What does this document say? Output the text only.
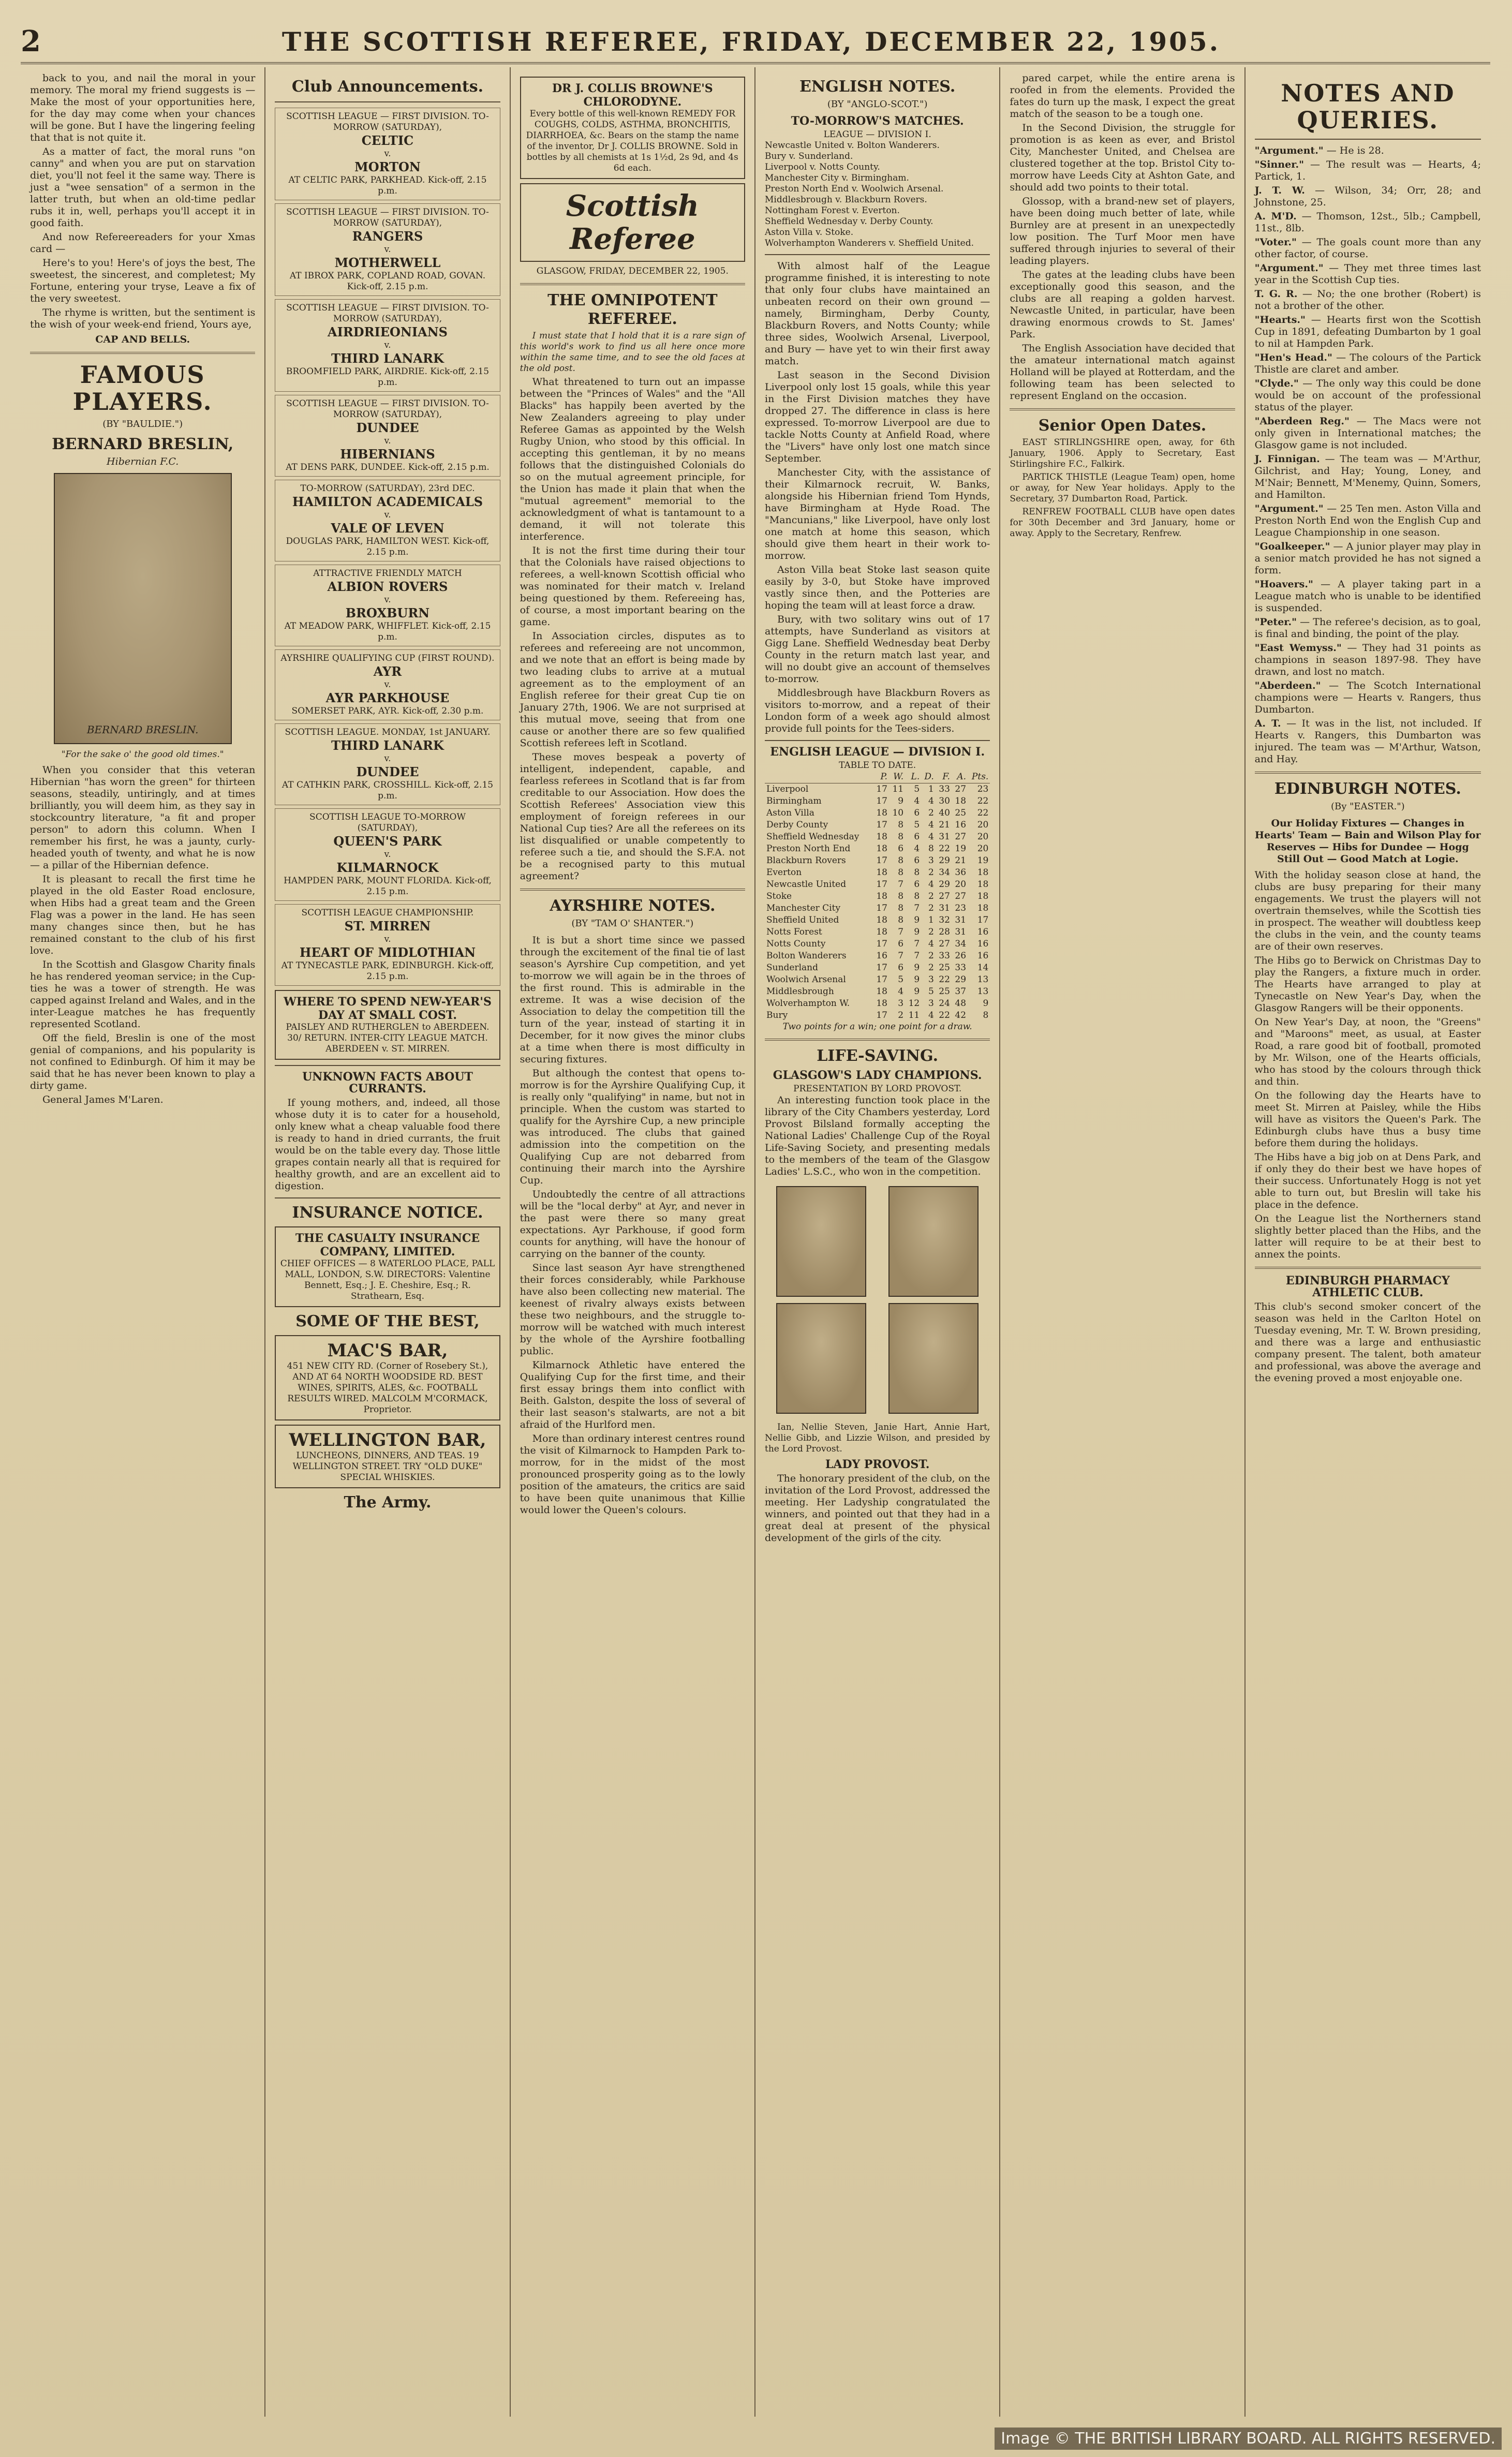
2	THE SCOTTISH REFEREE, FRIDAY, DECEMBER 22, 1905.

back to you, and nail the moral in your memory. The moral my friend suggests is — Make the most of your opportunities here, for the day may come when your chances will be gone. But I have the lingering feeling that that is not quite it.

As a matter of fact, the moral runs "on canny" and when you are put on starvation diet, you'll not feel it the same way. There is just a "wee sensation" of a sermon in the latter truth, but when an old-time pedlar rubs it in, well, perhaps you'll accept it in good faith.

And now Refereereaders for your Xmas card —

Here's to you! Here's of joys the best, The sweetest, the sincerest, and completest; My Fortune, entering your tryse, Leave a fix of the very sweetest.

The rhyme is written, but the sentiment is the wish of your week-end friend, Yours aye,

CAP AND BELLS.
FAMOUS PLAYERS.
(BY "BAULDIE.")
BERNARD BRESLIN,
Hibernian F.C.
BERNARD BRESLIN.
"For the sake o' the good old times."

When you consider that this veteran Hibernian "has worn the green" for thirteen seasons, steadily, untiringly, and at times brilliantly, you will deem him, as they say in stockcountry literature, "a fit and proper person" to adorn this column. When I remember his first, he was a jaunty, curly-headed youth of twenty, and what he is now — a pillar of the Hibernian defence.

It is pleasant to recall the first time he played in the old Easter Road enclosure, when Hibs had a great team and the Green Flag was a power in the land. He has seen many changes since then, but he has remained constant to the club of his first love.

In the Scottish and Glasgow Charity finals he has rendered yeoman service; in the Cup-ties he was a tower of strength. He was capped against Ireland and Wales, and in the inter-League matches he has frequently represented Scotland.

Off the field, Breslin is one of the most genial of companions, and his popularity is not confined to Edinburgh. Of him it may be said that he has never been known to play a dirty game.

General James M'Laren.

Club Announcements.
SCOTTISH LEAGUE — FIRST DIVISION. TO-MORROW (SATURDAY),
CELTIC
v.
MORTON
AT CELTIC PARK, PARKHEAD. Kick-off, 2.15 p.m.
SCOTTISH LEAGUE — FIRST DIVISION. TO-MORROW (SATURDAY),
RANGERS
v.
MOTHERWELL
AT IBROX PARK, COPLAND ROAD, GOVAN. Kick-off, 2.15 p.m.
SCOTTISH LEAGUE — FIRST DIVISION. TO-MORROW (SATURDAY),
AIRDRIEONIANS
v.
THIRD LANARK
BROOMFIELD PARK, AIRDRIE. Kick-off, 2.15 p.m.
SCOTTISH LEAGUE — FIRST DIVISION. TO-MORROW (SATURDAY),
DUNDEE
v.
HIBERNIANS
AT DENS PARK, DUNDEE. Kick-off, 2.15 p.m.
TO-MORROW (SATURDAY), 23rd DEC.
HAMILTON ACADEMICALS
v.
VALE OF LEVEN
DOUGLAS PARK, HAMILTON WEST. Kick-off, 2.15 p.m.
ATTRACTIVE FRIENDLY MATCH
ALBION ROVERS
v.
BROXBURN
AT MEADOW PARK, WHIFFLET. Kick-off, 2.15 p.m.
AYRSHIRE QUALIFYING CUP (FIRST ROUND).
AYR
v.
AYR PARKHOUSE
SOMERSET PARK, AYR. Kick-off, 2.30 p.m.
SCOTTISH LEAGUE. MONDAY, 1st JANUARY.
THIRD LANARK
v.
DUNDEE
AT CATHKIN PARK, CROSSHILL. Kick-off, 2.15 p.m.
SCOTTISH LEAGUE TO-MORROW (SATURDAY),
QUEEN'S PARK
v.
KILMARNOCK
HAMPDEN PARK, MOUNT FLORIDA. Kick-off, 2.15 p.m.
SCOTTISH LEAGUE CHAMPIONSHIP.
ST. MIRREN
v.
HEART OF MIDLOTHIAN
AT TYNECASTLE PARK, EDINBURGH. Kick-off, 2.15 p.m.
WHERE TO SPEND NEW-YEAR'S DAY AT SMALL COST.
PAISLEY AND RUTHERGLEN to ABERDEEN. 30/ RETURN. INTER-CITY LEAGUE MATCH. ABERDEEN v. ST. MIRREN.
UNKNOWN FACTS ABOUT CURRANTS.

If young mothers, and, indeed, all those whose duty it is to cater for a household, only knew what a cheap valuable food there is ready to hand in dried currants, the fruit would be on the table every day. Those little grapes contain nearly all that is required for healthy growth, and are an excellent aid to digestion.

INSURANCE NOTICE.
THE CASUALTY INSURANCE COMPANY, LIMITED.
CHIEF OFFICES — 8 WATERLOO PLACE, PALL MALL, LONDON, S.W. DIRECTORS: Valentine Bennett, Esq.; J. E. Cheshire, Esq.; R. Strathearn, Esq.
SOME OF THE BEST,
MAC'S BAR,
451 NEW CITY RD. (Corner of Rosebery St.), AND AT 64 NORTH WOODSIDE RD. BEST WINES, SPIRITS, ALES, &c. FOOTBALL RESULTS WIRED. MALCOLM M'CORMACK, Proprietor.
WELLINGTON BAR,
LUNCHEONS, DINNERS, AND TEAS. 19 WELLINGTON STREET. TRY "OLD DUKE" SPECIAL WHISKIES.
The Army.
DR J. COLLIS BROWNE'S CHLORODYNE.
Every bottle of this well-known REMEDY FOR COUGHS, COLDS, ASTHMA, BRONCHITIS, DIARRHOEA, &c. Bears on the stamp the name of the inventor, Dr J. COLLIS BROWNE. Sold in bottles by all chemists at 1s 1½d, 2s 9d, and 4s 6d each.
Scottish Referee
GLASGOW, FRIDAY, DECEMBER 22, 1905.
THE OMNIPOTENT REFEREE.

I must state that I hold that it is a rare sign of this world's work to find us all here once more within the same time, and to see the old faces at the old post.

What threatened to turn out an impasse between the "Princes of Wales" and the "All Blacks" has happily been averted by the New Zealanders agreeing to play under Referee Gamas as appointed by the Welsh Rugby Union, who stood by this official. In accepting this gentleman, it by no means follows that the distinguished Colonials do so on the mutual agreement principle, for the Union has made it plain that when the "mutual agreement" memorial to the acknowledgment of what is tantamount to a demand, it will not tolerate this interference.

It is not the first time during their tour that the Colonials have raised objections to referees, a well-known Scottish official who was nominated for their match v. Ireland being questioned by them. Refereeing has, of course, a most important bearing on the game.

In Association circles, disputes as to referees and refereeing are not uncommon, and we note that an effort is being made by two leading clubs to arrive at a mutual agreement as to the employment of an English referee for their great Cup tie on January 27th, 1906. We are not surprised at this mutual move, seeing that from one cause or another there are so few qualified Scottish referees left in Scotland.

These moves bespeak a poverty of intelligent, independent, capable, and fearless referees in Scotland that is far from creditable to our Association. How does the Scottish Referees' Association view this employment of foreign referees in our National Cup ties? Are all the referees on its list disqualified or unable competently to referee such a tie, and should the S.F.A. not be a recognised party to this mutual agreement?

AYRSHIRE NOTES.
(BY "TAM O' SHANTER.")

It is but a short time since we passed through the excitement of the final tie of last season's Ayrshire Cup competition, and yet to-morrow we will again be in the throes of the first round. This is admirable in the extreme. It was a wise decision of the Association to delay the competition till the turn of the year, instead of starting it in December, for it now gives the minor clubs at a time when there is most difficulty in securing fixtures.

But although the contest that opens to-morrow is for the Ayrshire Qualifying Cup, it is really only "qualifying" in name, but not in principle. When the custom was started to qualify for the Ayrshire Cup, a new principle was introduced. The clubs that gained admission into the competition on the Qualifying Cup are not debarred from continuing their march into the Ayrshire Cup.

Undoubtedly the centre of all attractions will be the "local derby" at Ayr, and never in the past were there so many great expectations. Ayr Parkhouse, if good form counts for anything, will have the honour of carrying on the banner of the county.

Since last season Ayr have strengthened their forces considerably, while Parkhouse have also been collecting new material. The keenest of rivalry always exists between these two neighbours, and the struggle to-morrow will be watched with much interest by the whole of the Ayrshire footballing public.

Kilmarnock Athletic have entered the Qualifying Cup for the first time, and their first essay brings them into conflict with Beith. Galston, despite the loss of several of their last season's stalwarts, are not a bit afraid of the Hurlford men.

More than ordinary interest centres round the visit of Kilmarnock to Hampden Park to-morrow, for in the midst of the most pronounced prosperity going as to the lowly position of the amateurs, the critics are said to have been quite unanimous that Killie would lower the Queen's colours.

ENGLISH NOTES.
(BY "ANGLO-SCOT.")
TO-MORROW'S MATCHES.
LEAGUE — DIVISION I.
Newcastle United v. Bolton Wanderers.
Bury v. Sunderland.
Liverpool v. Notts County.
Manchester City v. Birmingham.
Preston North End v. Woolwich Arsenal.
Middlesbrough v. Blackburn Rovers.
Nottingham Forest v. Everton.
Sheffield Wednesday v. Derby County.
Aston Villa v. Stoke.
Wolverhampton Wanderers v. Sheffield United.

With almost half of the League programme finished, it is interesting to note that only four clubs have maintained an unbeaten record on their own ground — namely, Birmingham, Derby County, Blackburn Rovers, and Notts County; while three sides, Woolwich Arsenal, Liverpool, and Bury — have yet to win their first away match.

Last season in the Second Division Liverpool only lost 15 goals, while this year in the First Division matches they have dropped 27. The difference in class is here expressed. To-morrow Liverpool are due to tackle Notts County at Anfield Road, where the "Livers" have only lost one match since September.

Manchester City, with the assistance of their Kilmarnock recruit, W. Banks, alongside his Hibernian friend Tom Hynds, have Birmingham at Hyde Road. The "Mancunians," like Liverpool, have only lost one match at home this season, which should give them heart in their work to-morrow.

Aston Villa beat Stoke last season quite easily by 3-0, but Stoke have improved vastly since then, and the Potteries are hoping the team will at least force a draw.

Bury, with two solitary wins out of 17 attempts, have Sunderland as visitors at Gigg Lane. Sheffield Wednesday beat Derby County in the return match last year, and will no doubt give an account of themselves to-morrow.

Middlesbrough have Blackburn Rovers as visitors to-morrow, and a repeat of their London form of a week ago should almost provide full points for the Tees-siders.

ENGLISH LEAGUE — DIVISION I.
TABLE TO DATE.
	P.	W.	L.	D.	F.	A.	Pts.
Liverpool	17	11	5	1	33	27	23
Birmingham	17	9	4	4	30	18	22
Aston Villa	18	10	6	2	40	25	22
Derby County	17	8	5	4	21	16	20
Sheffield Wednesday	18	8	6	4	31	27	20
Preston North End	18	6	4	8	22	19	20
Blackburn Rovers	17	8	6	3	29	21	19
Everton	18	8	8	2	34	36	18
Newcastle United	17	7	6	4	29	20	18
Stoke	18	8	8	2	27	27	18
Manchester City	17	8	7	2	31	23	18
Sheffield United	18	8	9	1	32	31	17
Notts Forest	18	7	9	2	28	31	16
Notts County	17	6	7	4	27	34	16
Bolton Wanderers	16	7	7	2	33	26	16
Sunderland	17	6	9	2	25	33	14
Woolwich Arsenal	17	5	9	3	22	29	13
Middlesbrough	18	4	9	5	25	37	13
Wolverhampton W.	18	3	12	3	24	48	9
Bury	17	2	11	4	22	42	8
Two points for a win; one point for a draw.
LIFE-SAVING.
GLASGOW'S LADY CHAMPIONS.
PRESENTATION BY LORD PROVOST.

An interesting function took place in the library of the City Chambers yesterday, Lord Provost Bilsland formally accepting the National Ladies' Challenge Cup of the Royal Life-Saving Society, and presenting medals to the members of the team of the Glasgow Ladies' L.S.C., who won in the competition.

Ian, Nellie Steven, Janie Hart, Annie Hart, Nellie Gibb, and Lizzie Wilson, and presided by the Lord Provost.

LADY PROVOST.

The honorary president of the club, on the invitation of the Lord Provost, addressed the meeting. Her Ladyship congratulated the winners, and pointed out that they had in a great deal at present of the physical development of the girls of the city.

pared carpet, while the entire arena is roofed in from the elements. Provided the fates do turn up the mask, I expect the great match of the season to be a tough one.

In the Second Division, the struggle for promotion is as keen as ever, and Bristol City, Manchester United, and Chelsea are clustered together at the top. Bristol City to-morrow have Leeds City at Ashton Gate, and should add two points to their total.

Glossop, with a brand-new set of players, have been doing much better of late, while Burnley are at present in an unexpectedly low position. The Turf Moor men have suffered through injuries to several of their leading players.

The gates at the leading clubs have been exceptionally good this season, and the clubs are all reaping a golden harvest. Newcastle United, in particular, have been drawing enormous crowds to St. James' Park.

The English Association have decided that the amateur international match against Holland will be played at Rotterdam, and the following team has been selected to represent England on the occasion.

Senior Open Dates.

EAST STIRLINGSHIRE open, away, for 6th January, 1906. Apply to Secretary, East Stirlingshire F.C., Falkirk.

PARTICK THISTLE (League Team) open, home or away, for New Year holidays. Apply to the Secretary, 37 Dumbarton Road, Partick.

RENFREW FOOTBALL CLUB have open dates for 30th December and 3rd January, home or away. Apply to the Secretary, Renfrew.

NOTES AND QUERIES.

"Argument." — He is 28.

"Sinner." — The result was — Hearts, 4; Partick, 1.

J. T. W. — Wilson, 34; Orr, 28; and Johnstone, 25.

A. M'D. — Thomson, 12st., 5lb.; Campbell, 11st., 8lb.

"Voter." — The goals count more than any other factor, of course.

"Argument." — They met three times last year in the Scottish Cup ties.

T. G. R. — No; the one brother (Robert) is not a brother of the other.

"Hearts." — Hearts first won the Scottish Cup in 1891, defeating Dumbarton by 1 goal to nil at Hampden Park.

"Hen's Head." — The colours of the Partick Thistle are claret and amber.

"Clyde." — The only way this could be done would be on account of the professional status of the player.

"Aberdeen Reg." — The Macs were not only given in International matches; the Glasgow game is not included.

J. Finnigan. — The team was — M'Arthur, Gilchrist, and Hay; Young, Loney, and M'Nair; Bennett, M'Menemy, Quinn, Somers, and Hamilton.

"Argument." — 25 Ten men. Aston Villa and Preston North End won the English Cup and League Championship in one season.

"Goalkeeper." — A junior player may play in a senior match provided he has not signed a form.

"Hoavers." — A player taking part in a League match who is unable to be identified is suspended.

"Peter." — The referee's decision, as to goal, is final and binding, the point of the play.

"East Wemyss." — They had 31 points as champions in season 1897-98. They have drawn, and lost no match.

"Aberdeen." — The Scotch International champions were — Hearts v. Rangers, thus Dumbarton.

A. T. — It was in the list, not included. If Hearts v. Rangers, this Dumbarton was injured. The team was — M'Arthur, Watson, and Hay.

EDINBURGH NOTES.
(By "EASTER.")
Our Holiday Fixtures — Changes in Hearts' Team — Bain and Wilson Play for Reserves — Hibs for Dundee — Hogg Still Out — Good Match at Logie.

With the holiday season close at hand, the clubs are busy preparing for their many engagements. We trust the players will not overtrain themselves, while the Scottish ties in prospect. The weather will doubtless keep the clubs in the vein, and the county teams are of their own reserves.

The Hibs go to Berwick on Christmas Day to play the Rangers, a fixture much in order. The Hearts have arranged to play at Tynecastle on New Year's Day, when the Glasgow Rangers will be their opponents.

On New Year's Day, at noon, the "Greens" and "Maroons" meet, as usual, at Easter Road, a rare good bit of football, promoted by Mr. Wilson, one of the Hearts officials, who has stood by the colours through thick and thin.

On the following day the Hearts have to meet St. Mirren at Paisley, while the Hibs will have as visitors the Queen's Park. The Edinburgh clubs have thus a busy time before them during the holidays.

The Hibs have a big job on at Dens Park, and if only they do their best we have hopes of their success. Unfortunately Hogg is not yet able to turn out, but Breslin will take his place in the defence.

On the League list the Northerners stand slightly better placed than the Hibs, and the latter will require to be at their best to annex the points.

EDINBURGH PHARMACY ATHLETIC CLUB.

This club's second smoker concert of the season was held in the Carlton Hotel on Tuesday evening, Mr. T. W. Brown presiding, and there was a large and enthusiastic company present. The talent, both amateur and professional, was above the average and the evening proved a most enjoyable one.

Image © THE BRITISH LIBRARY BOARD. ALL RIGHTS RESERVED.
